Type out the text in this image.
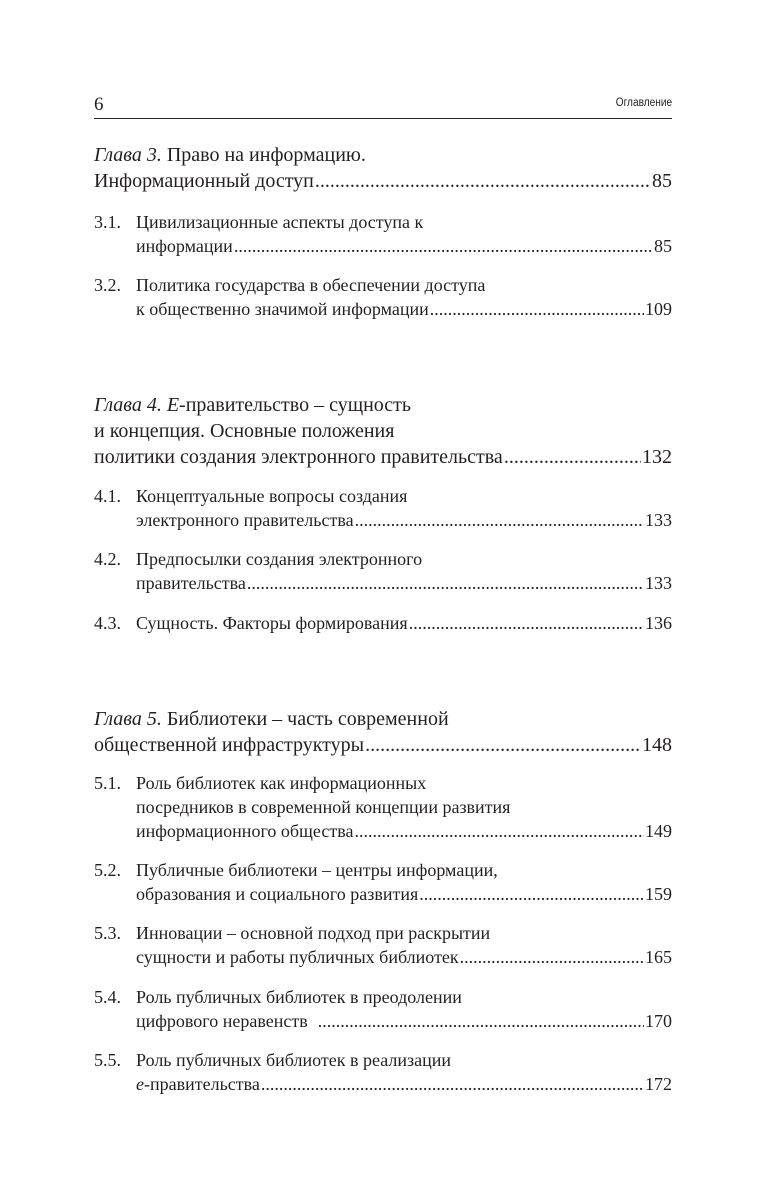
6	Оглавление
Глава 3. Право на информацию.
Информационный доступ .....	85
3.1. Цивилизационные аспекты доступа к
информации .....	85
3.2. Политика государства в обеспечении доступа
к общественно значимой информации .....	109
Глава 4. Е-правительство – сущность
и концепция. Основные положения
политики создания электронного правительства .....	132
4.1. Концептуальные вопросы создания
электронного правительства .....	133
4.2. Предпосылки создания электронного
правительства .....	133
4.3. Сущность. Факторы формирования .....	136
Глава 5. Библиотеки – часть современной
общественной инфраструктуры .....	148
5.1. Роль библиотек как информационных
посредников в современной концепции развития
информационного общества .....	149
5.2. Публичные библиотеки – центры информации,
образования и социального развития .....	159
5.3. Инновации – основной подход при раскрытии
сущности и работы публичных библиотек .....	165
5.4. Роль публичных библиотек в преодолении
цифрового неравенств .....	170
5.5. Роль публичных библиотек в реализации
е-правительства .....	172
